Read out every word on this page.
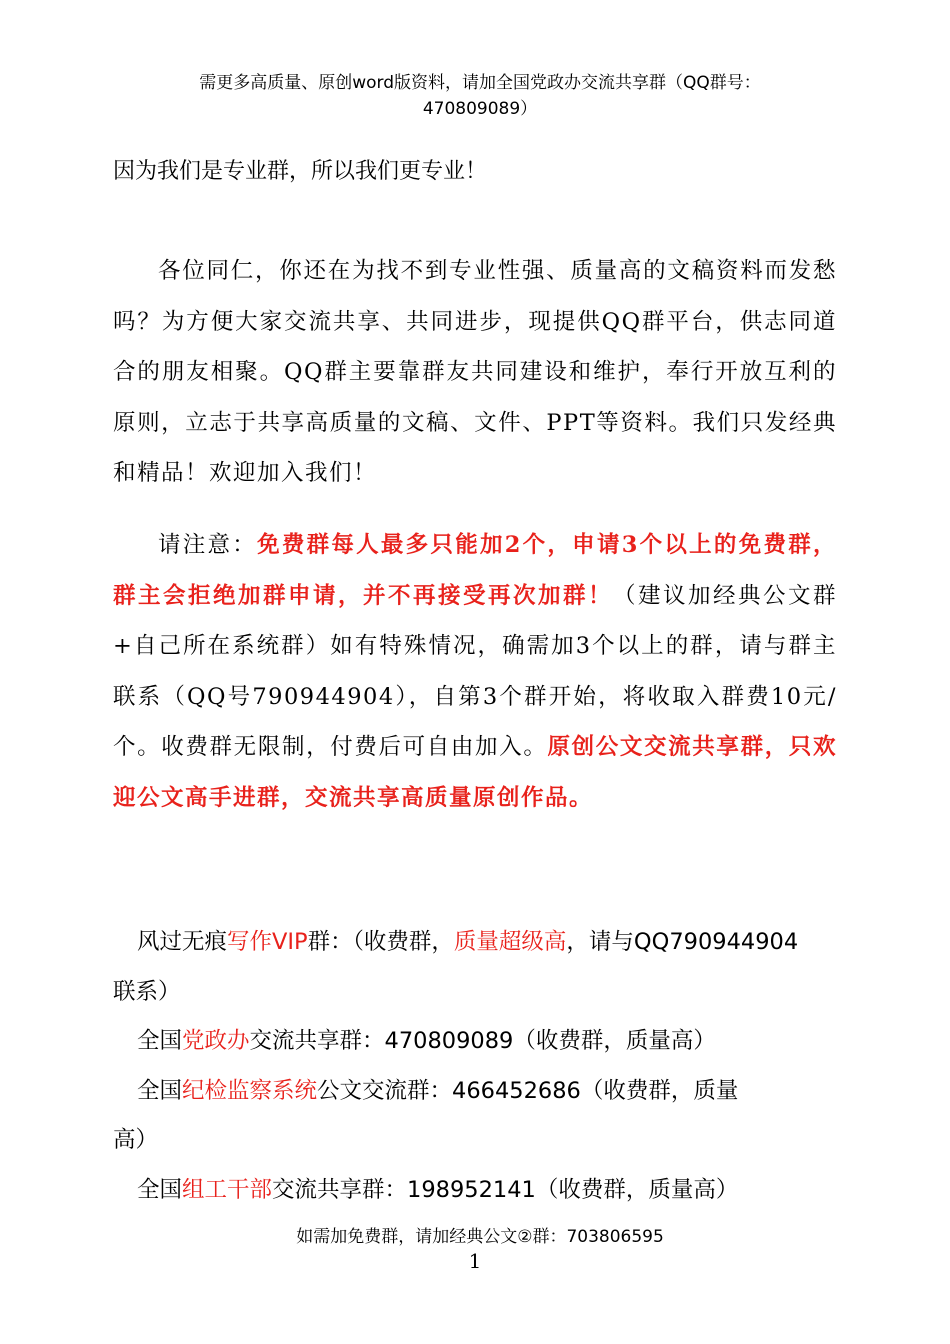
需更多高质量、原创word版资料，请加全国党政办交流共享群（QQ群号：
470809089）
因为我们是专业群，所以我们更专业！
各位同仁，你还在为找不到专业性强、质量高的文稿资料而发愁吗？为方便大家交流共享、共同进步，现提供QQ群平台，供志同道合的朋友相聚。QQ群主要靠群友共同建设和维护，奉行开放互利的原则，立志于共享高质量的文稿、文件、PPT等资料。我们只发经典和精品！欢迎加入我们！
请注意：免费群每人最多只能加2个，申请3个以上的免费群，群主会拒绝加群申请，并不再接受再次加群！（建议加经典公文群+自己所在系统群）如有特殊情况，确需加3个以上的群，请与群主联系（QQ号790944904），自第3个群开始，将收取入群费10元/个。收费群无限制，付费后可自由加入。原创公文交流共享群，只欢迎公文高手进群，交流共享高质量原创作品。
风过无痕写作VIP群：（收费群，质量超级高，请与QQ790944904
联系）
全国党政办交流共享群：470809089（收费群，质量高）
全国纪检监察系统公文交流群：466452686（收费群，质量
高）
全国组工干部交流共享群：198952141（收费群，质量高）
如需加免费群，请加经典公文②群：703806595
1
